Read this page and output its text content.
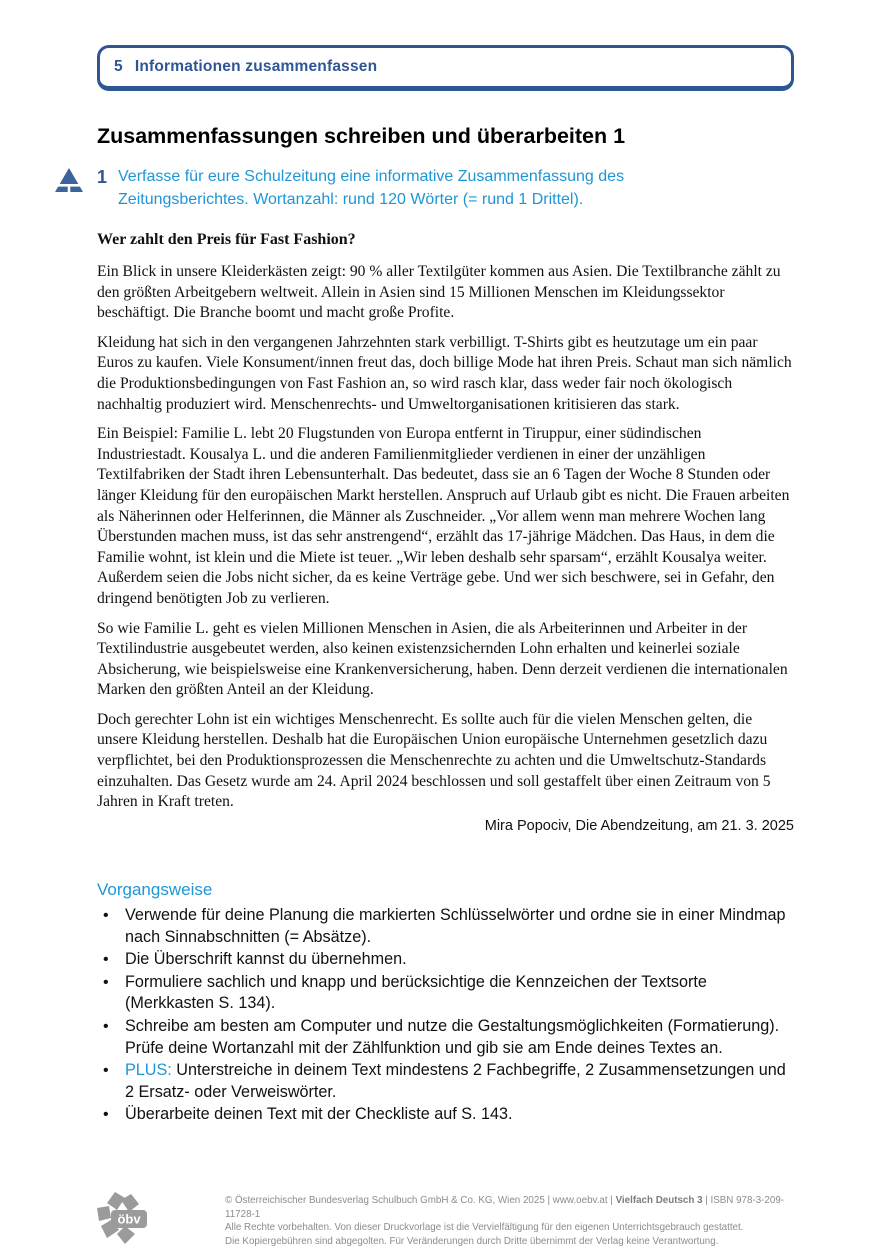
5 Informationen zusammenfassen
Zusammenfassungen schreiben und überarbeiten 1
1 Verfasse für eure Schulzeitung eine informative Zusammenfassung des Zeitungsberichtes. Wortanzahl: rund 120 Wörter (= rund 1 Drittel).
Wer zahlt den Preis für Fast Fashion?

Ein Blick in unsere Kleiderkästen zeigt: 90 % aller Textilgüter kommen aus Asien. Die Textilbranche zählt zu den größten Arbeitgebern weltweit. Allein in Asien sind 15 Millionen Menschen im Kleidungssektor beschäftigt. Die Branche boomt und macht große Profite.

Kleidung hat sich in den vergangenen Jahrzehnten stark verbilligt. T-Shirts gibt es heutzutage um ein paar Euros zu kaufen. Viele Konsument/innen freut das, doch billige Mode hat ihren Preis. Schaut man sich nämlich die Produktionsbedingungen von Fast Fashion an, so wird rasch klar, dass weder fair noch ökologisch nachhaltig produziert wird. Menschenrechts- und Umweltorganisationen kritisieren das stark.

Ein Beispiel: Familie L. lebt 20 Flugstunden von Europa entfernt in Tiruppur, einer südindischen Industriestadt. Kousalya L. und die anderen Familienmitglieder verdienen in einer der unzähligen Textilfabriken der Stadt ihren Lebensunterhalt. Das bedeutet, dass sie an 6 Tagen der Woche 8 Stunden oder länger Kleidung für den europäischen Markt herstellen. Anspruch auf Urlaub gibt es nicht. Die Frauen arbeiten als Näherinnen oder Helferinnen, die Männer als Zuschneider. „Vor allem wenn man mehrere Wochen lang Überstunden machen muss, ist das sehr anstrengend“, erzählt das 17-jährige Mädchen. Das Haus, in dem die Familie wohnt, ist klein und die Miete ist teuer. „Wir leben deshalb sehr sparsam“, erzählt Kousalya weiter. Außerdem seien die Jobs nicht sicher, da es keine Verträge gebe. Und wer sich beschwere, sei in Gefahr, den dringend benötigten Job zu verlieren.

So wie Familie L. geht es vielen Millionen Menschen in Asien, die als Arbeiterinnen und Arbeiter in der Textilindustrie ausgebeutet werden, also keinen existenzsichernden Lohn erhalten und keinerlei soziale Absicherung, wie beispielsweise eine Krankenversicherung, haben. Denn derzeit verdienen die internationalen Marken den größten Anteil an der Kleidung.

Doch gerechter Lohn ist ein wichtiges Menschenrecht. Es sollte auch für die vielen Menschen gelten, die unsere Kleidung herstellen. Deshalb hat die Europäischen Union europäische Unternehmen gesetzlich dazu verpflichtet, bei den Produktionsprozessen die Menschenrechte zu achten und die Umweltschutz-Standards einzuhalten. Das Gesetz wurde am 24. April 2024 beschlossen und soll gestaffelt über einen Zeitraum von 5 Jahren in Kraft treten.

Mira Popociv, Die Abendzeitung, am 21. 3. 2025
Vorgangsweise
• Verwende für deine Planung die markierten Schlüsselwörter und ordne sie in einer Mindmap nach Sinnabschnitten (= Absätze).
• Die Überschrift kannst du übernehmen.
• Formuliere sachlich und knapp und berücksichtige die Kennzeichen der Textsorte (Merkkasten S. 134).
• Schreibe am besten am Computer und nutze die Gestaltungsmöglichkeiten (Formatierung). Prüfe deine Wortanzahl mit der Zählfunktion und gib sie am Ende deines Textes an.
• PLUS: Unterstreiche in deinem Text mindestens 2 Fachbegriffe, 2 Zusammensetzungen und 2 Ersatz- oder Verweiswörter.
• Überarbeite deinen Text mit der Checkliste auf S. 143.
öbv
© Österreichischer Bundesverlag Schulbuch GmbH & Co. KG, Wien 2025 | www.oebv.at | Vielfach Deutsch 3 | ISBN 978-3-209-11728-1
Alle Rechte vorbehalten. Von dieser Druckvorlage ist die Vervielfältigung für den eigenen Unterrichtsgebrauch gestattet.
Die Kopiergebühren sind abgegolten. Für Veränderungen durch Dritte übernimmt der Verlag keine Verantwortung.
